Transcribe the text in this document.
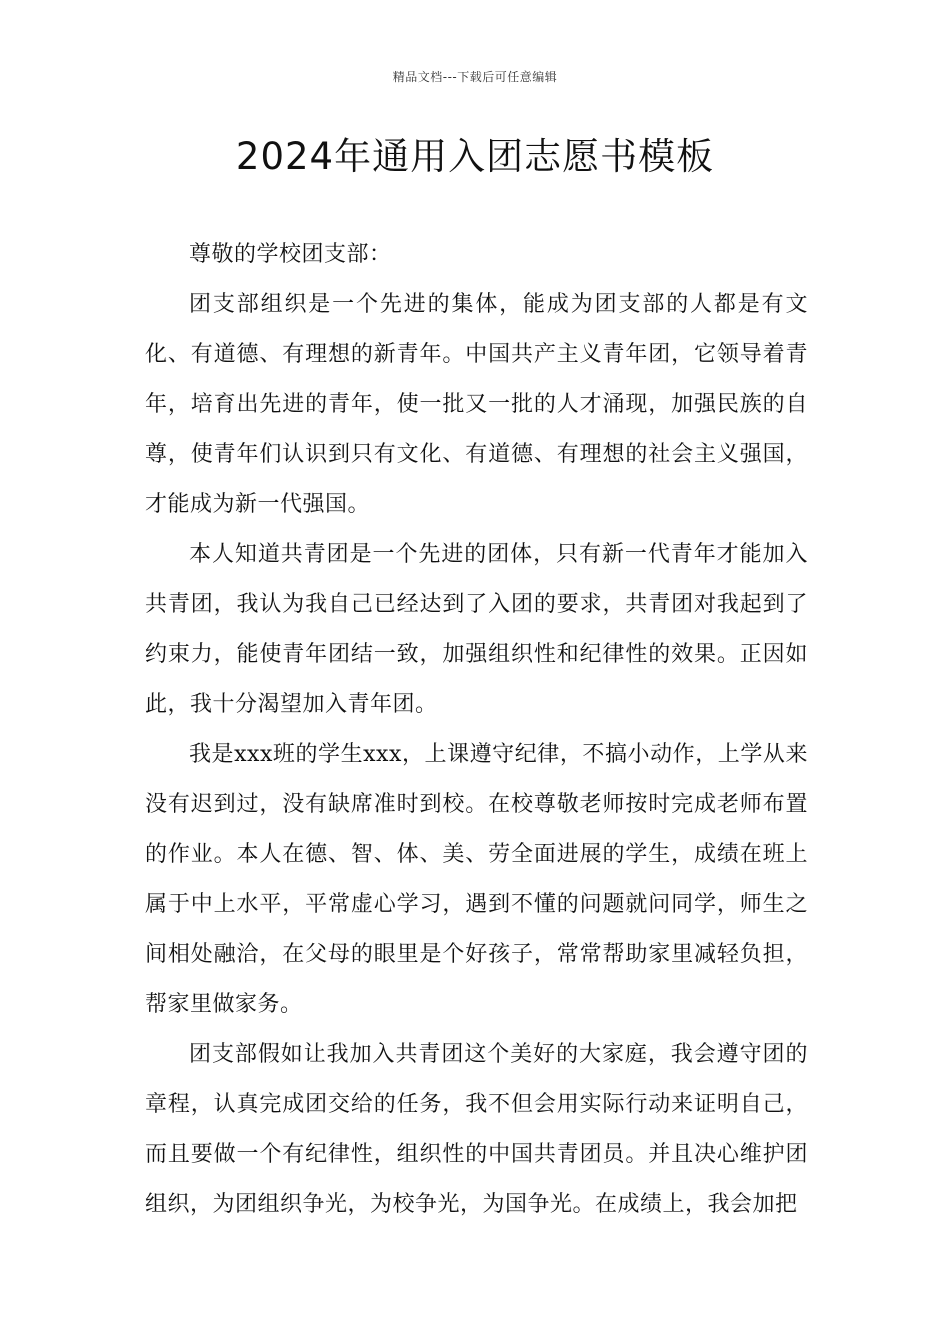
精品文档---下载后可任意编辑
2024年通用入团志愿书模板

尊敬的学校团支部：

团支部组织是一个先进的集体，能成为团支部的人都是有文化、有道德、有理想的新青年。中国共产主义青年团，它领导着青年，培育出先进的青年，使一批又一批的人才涌现，加强民族的自尊，使青年们认识到只有文化、有道德、有理想的社会主义强国，才能成为新一代强国。

本人知道共青团是一个先进的团体，只有新一代青年才能加入共青团，我认为我自己已经达到了入团的要求，共青团对我起到了约束力，能使青年团结一致，加强组织性和纪律性的效果。正因如此，我十分渴望加入青年团。

我是xxx班的学生xxx，上课遵守纪律，不搞小动作，上学从来没有迟到过，没有缺席准时到校。在校尊敬老师按时完成老师布置的作业。本人在德、智、体、美、劳全面进展的学生，成绩在班上属于中上水平，平常虚心学习，遇到不懂的问题就问同学，师生之间相处融洽，在父母的眼里是个好孩子，常常帮助家里减轻负担，帮家里做家务。

团支部假如让我加入共青团这个美好的大家庭，我会遵守团的章程，认真完成团交给的任务，我不但会用实际行动来证明自己，而且要做一个有纪律性，组织性的中国共青团员。并且决心维护团组织，为团组织争光，为校争光，为国争光。在成绩上，我会加把
